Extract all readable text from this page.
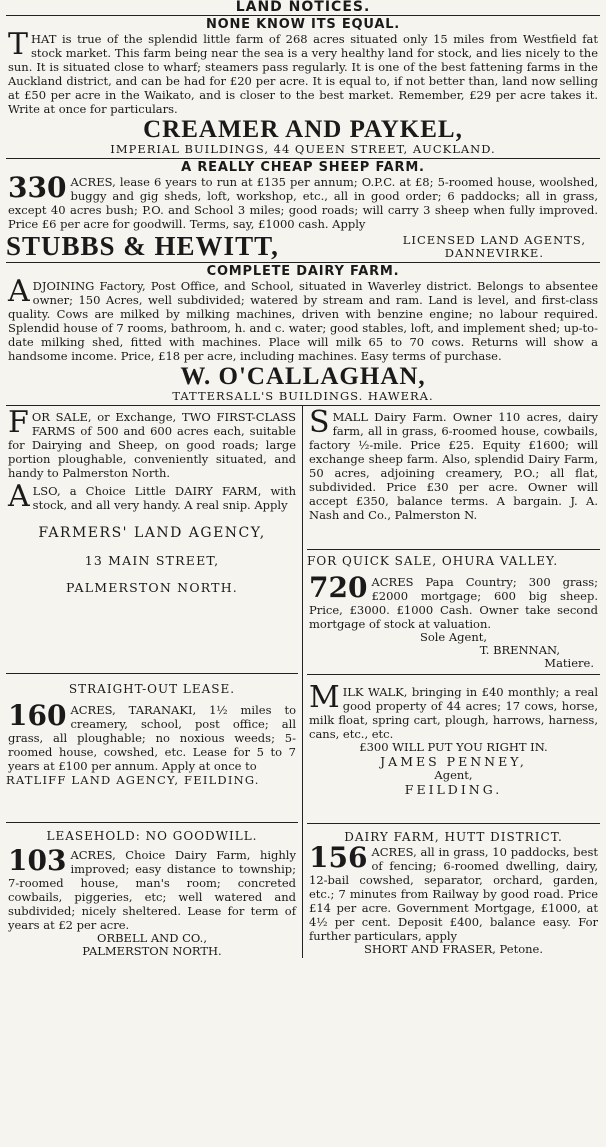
LAND NOTICES.
NONE KNOW ITS EQUAL.
T HAT is true of the splendid little farm of 268 acres situated only 15 miles from Westfield fat stock market. This farm being near the sea is a very healthy land for stock, and lies nicely to the sun. It is situated close to wharf; steamers pass regularly. It is one of the best fattening farms in the Auckland district, and can be had for £20 per acre. It is equal to, if not better than, land now selling at £50 per acre in the Waikato, and is closer to the best market. Remember, £29 per acre takes it. Write at once for particulars.
CREAMER AND PAYKEL,
IMPERIAL BUILDINGS, 44 QUEEN STREET, AUCKLAND.
A REALLY CHEAP SHEEP FARM.
330 ACRES, lease 6 years to run at £135 per annum; O.P.C. at £8; 5-roomed house, woolshed, buggy and gig sheds, loft, workshop, etc., all in good order; 6 paddocks; all in grass, except 40 acres bush; P.O. and School 3 miles; good roads; will carry 3 sheep when fully improved. Price £6 per acre for goodwill. Terms, say, £1000 cash. Apply
STUBBS & HEWITT,	LICENSED LAND AGENTS,
DANNEVIRKE.
COMPLETE DAIRY FARM.
A DJOINING Factory, Post Office, and School, situated in Waverley district. Belongs to absentee owner; 150 Acres, well subdivided; watered by stream and ram. Land is level, and first-class quality. Cows are milked by milking machines, driven with benzine engine; no labour required. Splendid house of 7 rooms, bathroom, h. and c. water; good stables, loft, and implement shed; up-to-date milking shed, fitted with machines. Place will milk 65 to 70 cows. Returns will show a handsome income. Price, £18 per acre, including machines. Easy terms of purchase.
W. O'CALLAGHAN,
TATTERSALL'S BUILDINGS. HAWERA.
F OR SALE, or Exchange, TWO FIRST-CLASS FARMS of 500 and 600 acres each, suitable for Dairying and Sheep, on good roads; large portion ploughable, conveniently situated, and handy to Palmerston North.
A LSO, a Choice Little DAIRY FARM, with stock, and all very handy. A real snip. Apply
FARMERS' LAND AGENCY,
13 MAIN STREET,
PALMERSTON NORTH.
STRAIGHT-OUT LEASE.
160 ACRES, TARANAKI, 1½ miles to creamery, school, post office; all grass, all ploughable; no noxious weeds; 5-roomed house, cowshed, etc. Lease for 5 to 7 years at £100 per annum. Apply at once to
RATLIFF LAND AGENCY, FEILDING.
LEASEHOLD: NO GOODWILL.
103 ACRES, Choice Dairy Farm, highly improved; easy distance to township; 7-roomed house, man's room; concreted cowbails, piggeries, etc; well watered and subdivided; nicely sheltered. Lease for term of years at £2 per acre.
ORBELL AND CO.,
PALMERSTON NORTH.
S MALL Dairy Farm. Owner 110 acres, dairy farm, all in grass, 6-roomed house, cowbails, factory ½-mile. Price £25. Equity £1600; will exchange sheep farm. Also, splendid Dairy Farm, 50 acres, adjoining creamery, P.O.; all flat, subdivided. Price £30 per acre. Owner will accept £350, balance terms. A bargain. J. A. Nash and Co., Palmerston N.
FOR QUICK SALE, OHURA VALLEY.
720 ACRES Papa Country; 300 grass; £2000 mortgage; 600 big sheep. Price, £3000. £1000 Cash. Owner take second mortgage of stock at valuation.
Sole Agent,
T. BRENNAN,
Matiere.
M ILK WALK, bringing in £40 monthly; a real good property of 44 acres; 17 cows, horse, milk float, spring cart, plough, harrows, harness, cans, etc., etc.
£300 WILL PUT YOU RIGHT IN.
JAMES PENNEY,
Agent,
FEILDING.
DAIRY FARM, HUTT DISTRICT.
156 ACRES, all in grass, 10 paddocks, best of fencing; 6-roomed dwelling, dairy, 12-bail cowshed, separator, orchard, garden, etc.; 7 minutes from Railway by good road. Price £14 per acre. Government Mortgage, £1000, at 4½ per cent. Deposit £400, balance easy. For further particulars, apply
SHORT AND FRASER, Petone.
